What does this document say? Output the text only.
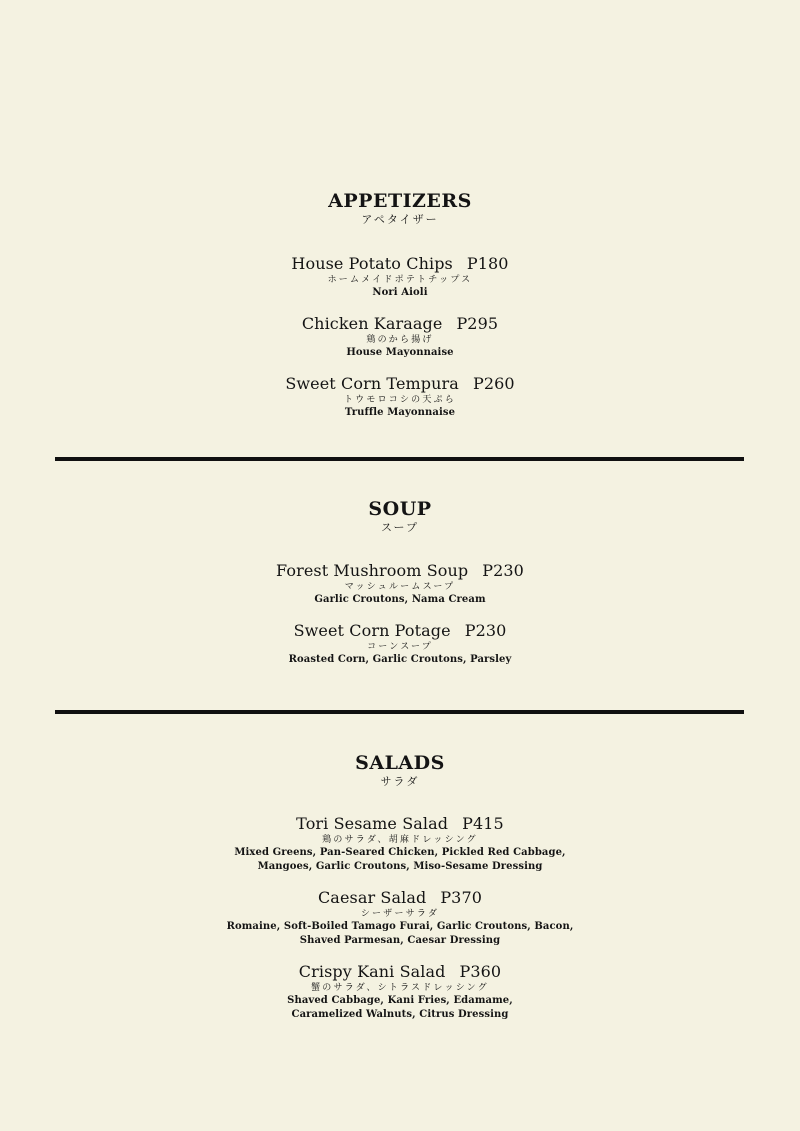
APPETIZERS
アペタイザー
House Potato Chips P180
ホームメイドポテトチップス
Nori Aioli
Chicken Karaage P295
鶏のから揚げ
House Mayonnaise
Sweet Corn Tempura P260
トウモロコシの天ぷら
Truffle Mayonnaise
SOUP
スープ
Forest Mushroom Soup P230
マッシュルームスープ
Garlic Croutons, Nama Cream
Sweet Corn Potage P230
コーンスープ
Roasted Corn, Garlic Croutons, Parsley
SALADS
サラダ
Tori Sesame Salad P415
鶏のサラダ、胡麻ドレッシング
Mixed Greens, Pan-Seared Chicken, Pickled Red Cabbage,
Mangoes, Garlic Croutons, Miso-Sesame Dressing
Caesar Salad P370
シーザーサラダ
Romaine, Soft-Boiled Tamago Furai, Garlic Croutons, Bacon,
Shaved Parmesan, Caesar Dressing
Crispy Kani Salad P360
蟹のサラダ、シトラスドレッシング
Shaved Cabbage, Kani Fries, Edamame,
Caramelized Walnuts, Citrus Dressing
